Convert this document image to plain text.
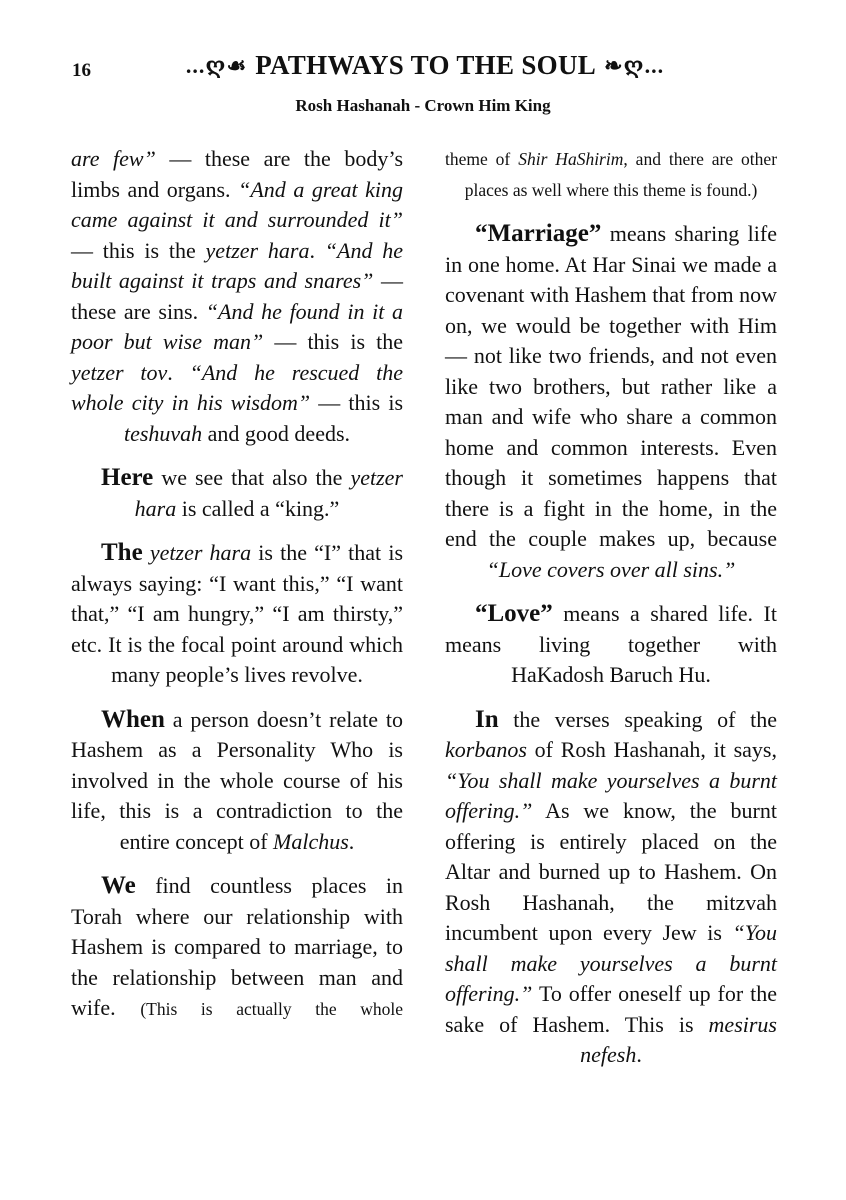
16	...ღ☙ PATHWAYS TO THE SOUL ❧ღ...
Rosh Hashanah - Crown Him King

are few” — these are the body’s limbs and organs. “And a great king came against it and surrounded it” — this is the yetzer hara. “And he built against it traps and snares” — these are sins. “And he found in it a poor but wise man” — this is the yetzer tov. “And he rescued the whole city in his wisdom” — this is teshuvah and good deeds.

Here we see that also the yetzer hara is called a “king.”

The yetzer hara is the “I” that is always saying: “I want this,” “I want that,” “I am hungry,” “I am thirsty,” etc. It is the focal point around which many people’s lives revolve.

When a person doesn’t relate to Hashem as a Personality Who is involved in the whole course of his life, this is a contradiction to the entire concept of Malchus.

We find countless places in Torah where our relationship with Hashem is compared to marriage, to the relationship between man and wife. (This is actually the whole

theme of Shir HaShirim, and there are other places as well where this theme is found.)

“Marriage” means sharing life in one home. At Har Sinai we made a covenant with Hashem that from now on, we would be together with Him — not like two friends, and not even like two brothers, but rather like a man and wife who share a common home and common interests. Even though it sometimes happens that there is a fight in the home, in the end the couple makes up, because “Love covers over all sins.”

“Love” means a shared life. It means living together with HaKadosh Baruch Hu.

In the verses speaking of the korbanos of Rosh Hashanah, it says, “You shall make yourselves a burnt offering.” As we know, the burnt offering is entirely placed on the Altar and burned up to Hashem. On Rosh Hashanah, the mitzvah incumbent upon every Jew is “You shall make yourselves a burnt offering.” To offer oneself up for the sake of Hashem. This is mesirus nefesh.
